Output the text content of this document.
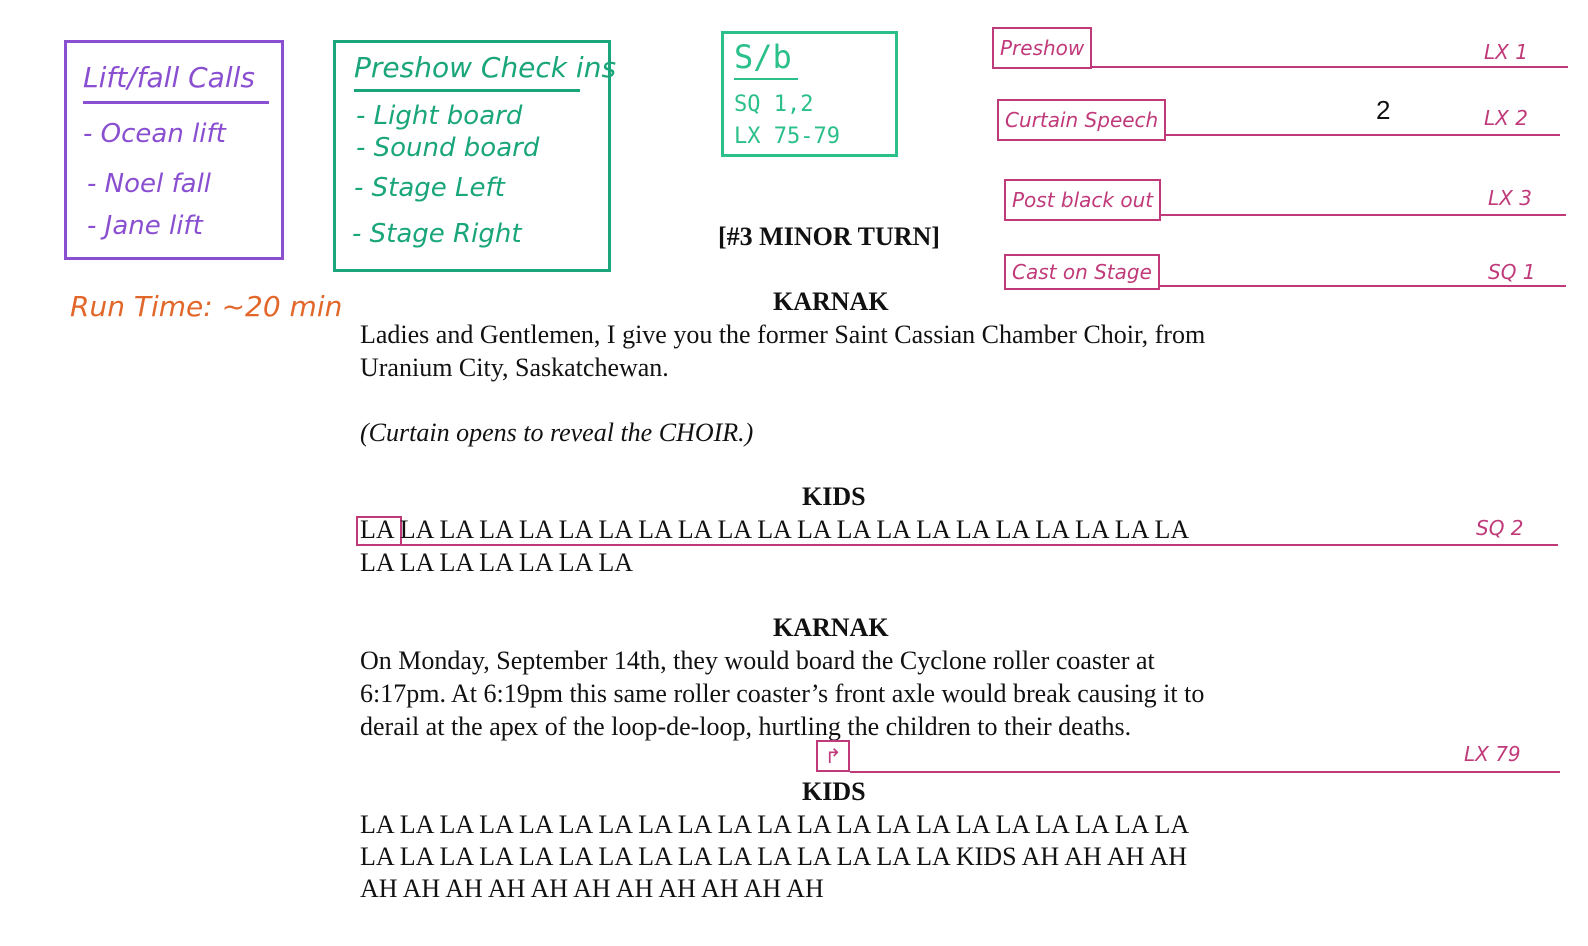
Lift/fall Calls
- Ocean lift
- Noel fall
- Jane lift
Run Time: ~20 min
Preshow Check ins
- Light board
- Sound board
- Stage Left
- Stage Right
S/b
SQ 1,2
LX 75-79
Preshow	LX 1
Curtain Speech	2	LX 2
Post black out	LX 3
Cast on Stage	SQ 1
[#3 MINOR TURN]
KARNAK
Ladies and Gentlemen, I give you the former Saint Cassian Chamber Choir, from
Uranium City, Saskatchewan.
(Curtain opens to reveal the CHOIR.)
KIDS
LA LA LA LA LA LA LA LA LA LA LA LA LA LA LA LA LA LA LA LA LA	SQ 2
LA LA LA LA LA LA LA
KARNAK
On Monday, September 14th, they would board the Cyclone roller coaster at
6:17pm. At 6:19pm this same roller coaster’s front axle would break causing it to
derail at the apex of the loop-de-loop, hurtling the children to their deaths.
↱	LX 79
KIDS
LA LA LA LA LA LA LA LA LA LA LA LA LA LA LA LA LA LA LA LA LA
LA LA LA LA LA LA LA LA LA LA LA LA LA LA LA KIDS AH AH AH AH
AH AH AH AH AH AH AH AH AH AH AH
